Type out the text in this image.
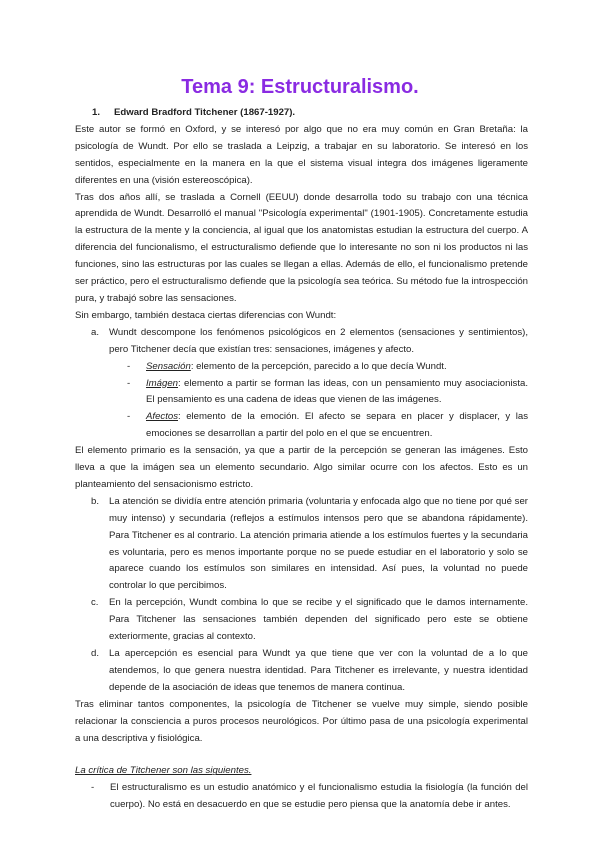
Tema 9: Estructuralismo.

1. Edward Bradford Titchener (1867-1927).

Este autor se formó en Oxford, y se interesó por algo que no era muy común en Gran Bretaña: la psicología de Wundt. Por ello se traslada a Leipzig, a trabajar en su laboratorio. Se interesó en los sentidos, especialmente en la manera en la que el sistema visual integra dos imágenes ligeramente diferentes en una (visión estereoscópica).

Tras dos años allí, se traslada a Cornell (EEUU) donde desarrolla todo su trabajo con una técnica aprendida de Wundt. Desarrolló el manual "Psicología experimental" (1901-1905). Concretamente estudia la estructura de la mente y la conciencia, al igual que los anatomistas estudian la estructura del cuerpo. A diferencia del funcionalismo, el estructuralismo defiende que lo interesante no son ni los productos ni las funciones, sino las estructuras por las cuales se llegan a ellas. Además de ello, el funcionalismo pretende ser práctico, pero el estructuralismo defiende que la psicología sea teórica. Su método fue la introspección pura, y trabajó sobre las sensaciones.

Sin embargo, también destaca ciertas diferencias con Wundt:

a. Wundt descompone los fenómenos psicológicos en 2 elementos (sensaciones y sentimientos), pero Titchener decía que existían tres: sensaciones, imágenes y afecto.
- Sensación: elemento de la percepción, parecido a lo que decía Wundt.
- Imágen: elemento a partir se forman las ideas, con un pensamiento muy asociacionista. El pensamiento es una cadena de ideas que vienen de las imágenes.
- Afectos: elemento de la emoción. El afecto se separa en placer y displacer, y las emociones se desarrollan a partir del polo en el que se encuentren.

El elemento primario es la sensación, ya que a partir de la percepción se generan las imágenes. Esto lleva a que la imágen sea un elemento secundario. Algo similar ocurre con los afectos. Esto es un planteamiento del sensacionismo estricto.

b. La atención se dividía entre atención primaria (voluntaria y enfocada algo que no tiene por qué ser muy intenso) y secundaria (reflejos a estímulos intensos pero que se abandona rápidamente). Para Titchener es al contrario. La atención primaria atiende a los estímulos fuertes y la secundaria es voluntaria, pero es menos importante porque no se puede estudiar en el laboratorio y solo se aparece cuando los estímulos son similares en intensidad. Así pues, la voluntad no puede controlar lo que percibimos.
c. En la percepción, Wundt combina lo que se recibe y el significado que le damos internamente. Para Titchener las sensaciones también dependen del significado pero este se obtiene exteriormente, gracias al contexto.
d. La apercepción es esencial para Wundt ya que tiene que ver con la voluntad de a lo que atendemos, lo que genera nuestra identidad. Para Titchener es irrelevante, y nuestra identidad depende de la asociación de ideas que tenemos de manera continua.

Tras eliminar tantos componentes, la psicología de Titchener se vuelve muy simple, siendo posible relacionar la consciencia a puros procesos neurológicos. Por último pasa de una psicología experimental a una descriptiva y fisiológica.

La crítica de Titchener son las siguientes.

- El estructuralismo es un estudio anatómico y el funcionalismo estudia la fisiología (la función del cuerpo). No está en desacuerdo en que se estudie pero piensa que la anatomía debe ir antes.
